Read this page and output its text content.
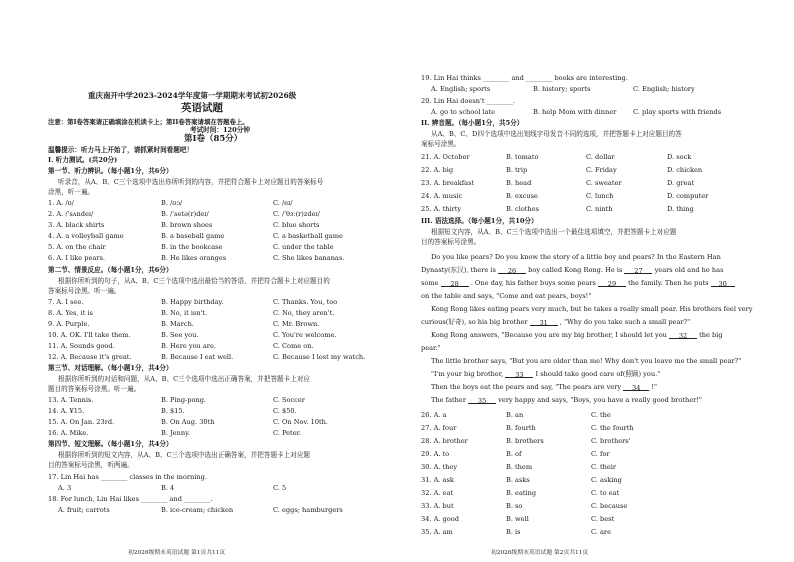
重庆南开中学2023-2024学年度第一学期期末考试初2026级
英语试题
注意：第I卷答案请正确填涂在机读卡上；第II卷答案请填在答题卷上。
考试时间：120分钟
第I卷（85分）
温馨提示：听力马上开始了，请抓紧时间看题吧！
I. 听力测试。(共20分)
第一节、听力辨识。（每小题1分，共6分）
听录音，从A、B、C三个选项中选出你所听到的内容，并把符合题卡上对应题目的答案标号
涂黑，听一遍。
1. A. /ʊ/	B. /ʊɔ/	C. /eɪ/
2. A. /ˈsʌndeɪ/	B. /ˈsetə(r)deɪ/	C. /ˈθɜː(r)zdeɪ/
3. A. black shirts	B. brown shoes	C. blue shorts
4. A. a volleyball game	B. a baseball game	C. a basketball game
5. A. on the chair	B. in the bookcase	C. under the table
6. A. I like pears.	B. He likes oranges	C. She likes bananas.
第二节、情景反应。（每小题1分，共6分）
根据你所听到的句子，从A、B、C三个选项中选出最恰当的答语，并把符合题卡上对应题目的
答案标号涂黑。听一遍。
7. A. I see.	B. Happy birthday.	C. Thanks. You, too
8. A. Yes, it is	B. No, it isn't.	C. No, they aren't.
9. A. Purple.	B. March.	C. Mr. Brown.
10. A. OK. I'll take them.	B. See you.	C. You're welcome.
11. A. Sounds good.	B. Here you are.	C. Come on.
12. A. Because it's great.	B. Because I eat well.	C. Because I lost my watch.
第三节、对话理解。（每小题1分，共4分）
根据你所听到的对话和问题，从A、B、C三个选项中选出正确答案，并把答题卡上对应
题目的答案标号涂黑。听一遍。
13. A. Tennis.	B. Ping-pong.	C. Soccer
14. A. ¥15.	B. $15.	C. $50.
15. A. On Jan. 23rd.	B. On Aug. 30th	C. On Nov. 10th.
16. A. Mike.	B. Jenny.	C. Peter.
第四节、短文理解。（每小题1分，共4分）
根据你所听到的短文内容，从A、B、C三个选项中选出正确答案，并把答题卡上对应题
目的答案标号涂黑，听两遍。
17. Lin Hai has ________ classes in the morning.
A. 3	B. 4	C. 5
18. For lunch, Lin Hai likes ________ and ________.
A. fruit; carrots	B. ice-cream; chicken	C. eggs; hamburgers
初2026级期末英语试题 第1页共11页
19. Lin Hai thinks ________ and ________ books are interesting.
A. English; sports	B. history; sports	C. English; history
20. Lin Hai doesn't ________.
A. go to school late	B. help Mom with dinner	C. play sports with friends
II. 辨音题。（每小题1分，共5分）
从A、B、C、D四个选项中选出划线字母发音不同的选项，并把答题卡上对应题目的答
案标号涂黑。
21. A. October	B. tomato	C. dollar	D. sock
22. A. big	B. trip	C. Friday	D. chicken
23. A. breakfast	B. head	C. sweater	D. great
24. A. music	B. excuse	C. lunch	D. computer
25. A. thirty	B. clothes	C. ninth	D. thing
III. 语法选择。（每小题1分，共10分）
根据短文内容，从A、B、C三个选项中选出一个最佳选项填空，并把答题卡上对应题
目的答案标号涂黑。
Do you like pears? Do you know the story of a little boy and pears? In the Eastern Han
Dynasty(东汉), there is 26 boy called Kong Rong. He is 27 years old and he has
some 28 . One day, his father buys some pears 29 the family. Then he puts 30
on the table and says, "Come and eat pears, boys!"
Kong Rong likes eating pears very much, but he takes a really small pear. His brothers feel very
curious(好奇), so his big brother 31 , "Why do you take such a small pear?"
Kong Rong answers, "Because you are my big brother, I should let you 32 the big
pear."
The little brother says, "But you are older than me! Why don't you leave me the small pear?"
"I'm your big brother, 33 I should take good care of(照顾) you."
Then the boys eat the pears and say, "The pears are very 34 !"
The father 35 very happy and says, "Boys, you have a really good brother!"
26. A. a	B. an	C. the
27. A. four	B. fourth	C. the fourth
28. A. brother	B. brothers	C. brothers'
29. A. to	B. of	C. for
30. A. they	B. them	C. their
31. A. ask	B. asks	C. asking
32. A. eat	B. eating	C. to eat
33. A. but	B. so	C. because
34. A. good	B. well	C. best
35. A. am	B. is	C. are
初2026级期末英语试题 第2页共11页
